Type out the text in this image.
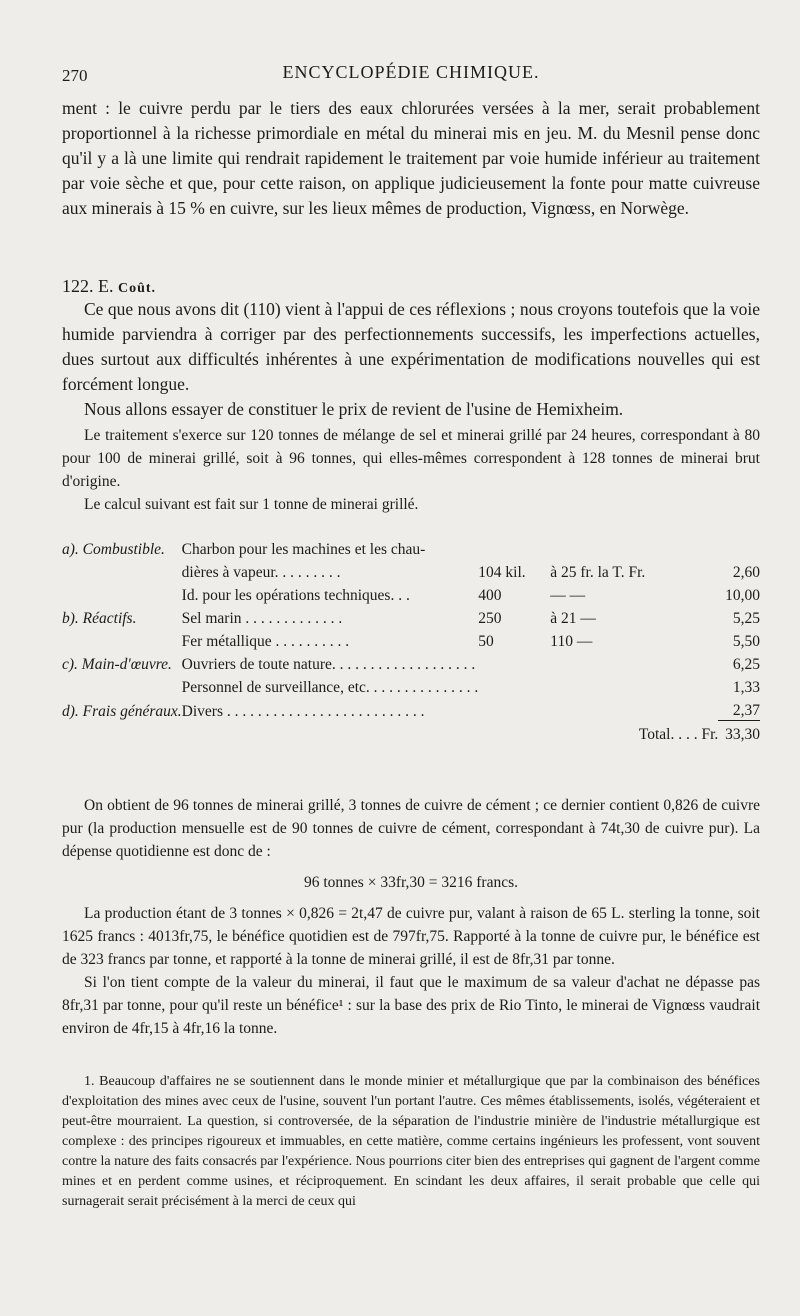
270	ENCYCLOPÉDIE CHIMIQUE.

ment : le cuivre perdu par le tiers des eaux chlorurées versées à la mer, serait probablement proportionnel à la richesse primordiale en métal du minerai mis en jeu. M. du Mesnil pense donc qu'il y a là une limite qui rendrait rapidement le traitement par voie humide inférieur au traitement par voie sèche et que, pour cette raison, on applique judicieusement la fonte pour matte cuivreuse aux minerais à 15 % en cuivre, sur les lieux mêmes de production, Vignœss, en Norwège.

122. E. Coût.

Ce que nous avons dit (110) vient à l'appui de ces réflexions ; nous croyons toutefois que la voie humide parviendra à corriger par des perfectionnements successifs, les imperfections actuelles, dues surtout aux difficultés inhérentes à une expérimentation de modifications nouvelles qui est forcément longue.

Nous allons essayer de constituer le prix de revient de l'usine de Hemixheim.

Le traitement s'exerce sur 120 tonnes de mélange de sel et minerai grillé par 24 heures, correspondant à 80 pour 100 de minerai grillé, soit à 96 tonnes, qui elles-mêmes correspondent à 128 tonnes de minerai brut d'origine.

Le calcul suivant est fait sur 1 tonne de minerai grillé.

a). Combustible.	Charbon pour les machines et les chau-			
	dières à vapeur. . . . . . . . .	104 kil.	à 25 fr. la T. Fr.	2,60
	Id. pour les opérations techniques. . .	400	— —	10,00
b). Réactifs.	Sel marin . . . . . . . . . . . . .	250	à 21 —	5,25
	Fer métallique . . . . . . . . . .	50	110 —	5,50
c). Main-d'œuvre.	Ouvriers de toute nature. . . . . . . . . . . . . . . . . . .			6,25
	Personnel de surveillance, etc. . . . . . . . . . . . . . .			1,33
d). Frais généraux.	Divers . . . . . . . . . . . . . . . . . . . . . . . . . .			2,37
Total. . . . Fr.				33,30

On obtient de 96 tonnes de minerai grillé, 3 tonnes de cuivre de cément ; ce dernier contient 0,826 de cuivre pur (la production mensuelle est de 90 tonnes de cuivre de cément, correspondant à 74t,30 de cuivre pur). La dépense quotidienne est donc de :

96 tonnes × 33fr,30 = 3216 francs.

La production étant de 3 tonnes × 0,826 = 2t,47 de cuivre pur, valant à raison de 65 L. sterling la tonne, soit 1625 francs : 4013fr,75, le bénéfice quotidien est de 797fr,75. Rapporté à la tonne de cuivre pur, le bénéfice est de 323 francs par tonne, et rapporté à la tonne de minerai grillé, il est de 8fr,31 par tonne.

Si l'on tient compte de la valeur du minerai, il faut que le maximum de sa valeur d'achat ne dépasse pas 8fr,31 par tonne, pour qu'il reste un bénéfice¹ : sur la base des prix de Rio Tinto, le minerai de Vignœss vaudrait environ de 4fr,15 à 4fr,16 la tonne.

1. Beaucoup d'affaires ne se soutiennent dans le monde minier et métallurgique que par la combinaison des bénéfices d'exploitation des mines avec ceux de l'usine, souvent l'un portant l'autre. Ces mêmes établissements, isolés, végéteraient et peut-être mourraient. La question, si controversée, de la séparation de l'industrie minière de l'industrie métallurgique est complexe : des principes rigoureux et immuables, en cette matière, comme certains ingénieurs les professent, vont souvent contre la nature des faits consacrés par l'expérience. Nous pourrions citer bien des entreprises qui gagnent de l'argent comme mines et en perdent comme usines, et réciproquement. En scindant les deux affaires, il serait probable que celle qui surnagerait serait précisément à la merci de ceux qui
